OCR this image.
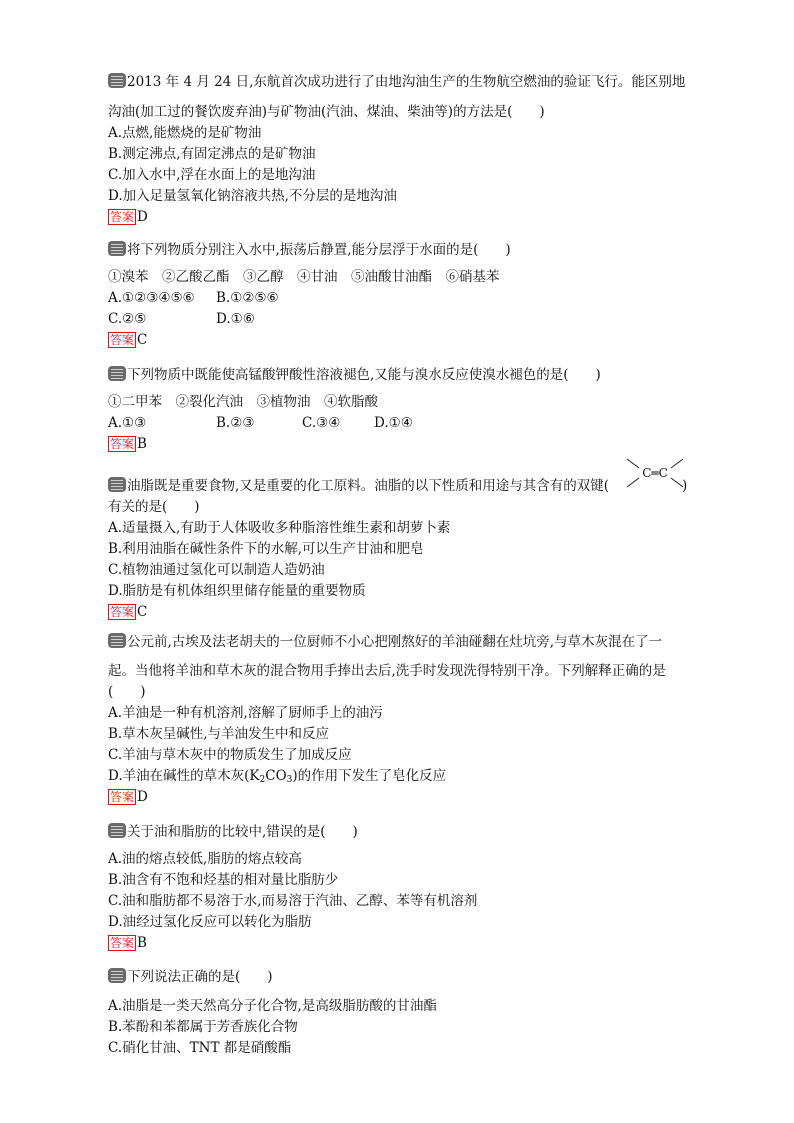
2013 年 4 月 24 日,东航首次成功进行了由地沟油生产的生物航空燃油的验证飞行。能区别地
沟油(加工过的餐饮废弃油)与矿物油(汽油、煤油、柴油等)的方法是(　　)
A.点燃,能燃烧的是矿物油
B.测定沸点,有固定沸点的是矿物油
C.加入水中,浮在水面上的是地沟油
D.加入足量氢氧化钠溶液共热,不分层的是地沟油
答案 D
将下列物质分别注入水中,振荡后静置,能分层浮于水面的是(　　)
①溴苯　②乙酸乙酯　③乙醇　④甘油　⑤油酸甘油酯　⑥硝基苯
A.①②③④⑤⑥ B.①②⑤⑥
C.②⑤	D.①⑥
答案 C
下列物质中既能使高锰酸钾酸性溶液褪色,又能与溴水反应使溴水褪色的是(　　)
①二甲苯　②裂化汽油　③植物油　④软脂酸
A.①③	B.②③	C.③④ D.①④
答案 B
油脂既是重要食物,又是重要的化工原料。油脂的以下性质和用途与其含有的双键(
有关的是(　　)
A.适量摄入,有助于人体吸收多种脂溶性维生素和胡萝卜素
B.利用油脂在碱性条件下的水解,可以生产甘油和肥皂
C.植物油通过氢化可以制造人造奶油
D.脂肪是有机体组织里储存能量的重要物质
答案 C
C═C
)
公元前,古埃及法老胡夫的一位厨师不小心把刚熬好的羊油碰翻在灶坑旁,与草木灰混在了一
起。当他将羊油和草木灰的混合物用手捧出去后,洗手时发现洗得特别干净。下列解释正确的是
(　　)
A.羊油是一种有机溶剂,溶解了厨师手上的油污
B.草木灰呈碱性,与羊油发生中和反应
C.羊油与草木灰中的物质发生了加成反应
D.羊油在碱性的草木灰$(K_2CO_3)$的作用下发生了皂化反应
答案 D
关于油和脂肪的比较中,错误的是(　　)
A.油的熔点较低,脂肪的熔点较高
B.油含有不饱和烃基的相对量比脂肪少
C.油和脂肪都不易溶于水,而易溶于汽油、乙醇、苯等有机溶剂
D.油经过氢化反应可以转化为脂肪
答案 B
下列说法正确的是(　　)
A.油脂是一类天然高分子化合物,是高级脂肪酸的甘油酯
B.苯酚和苯都属于芳香族化合物
C.硝化甘油、TNT 都是硝酸酯
